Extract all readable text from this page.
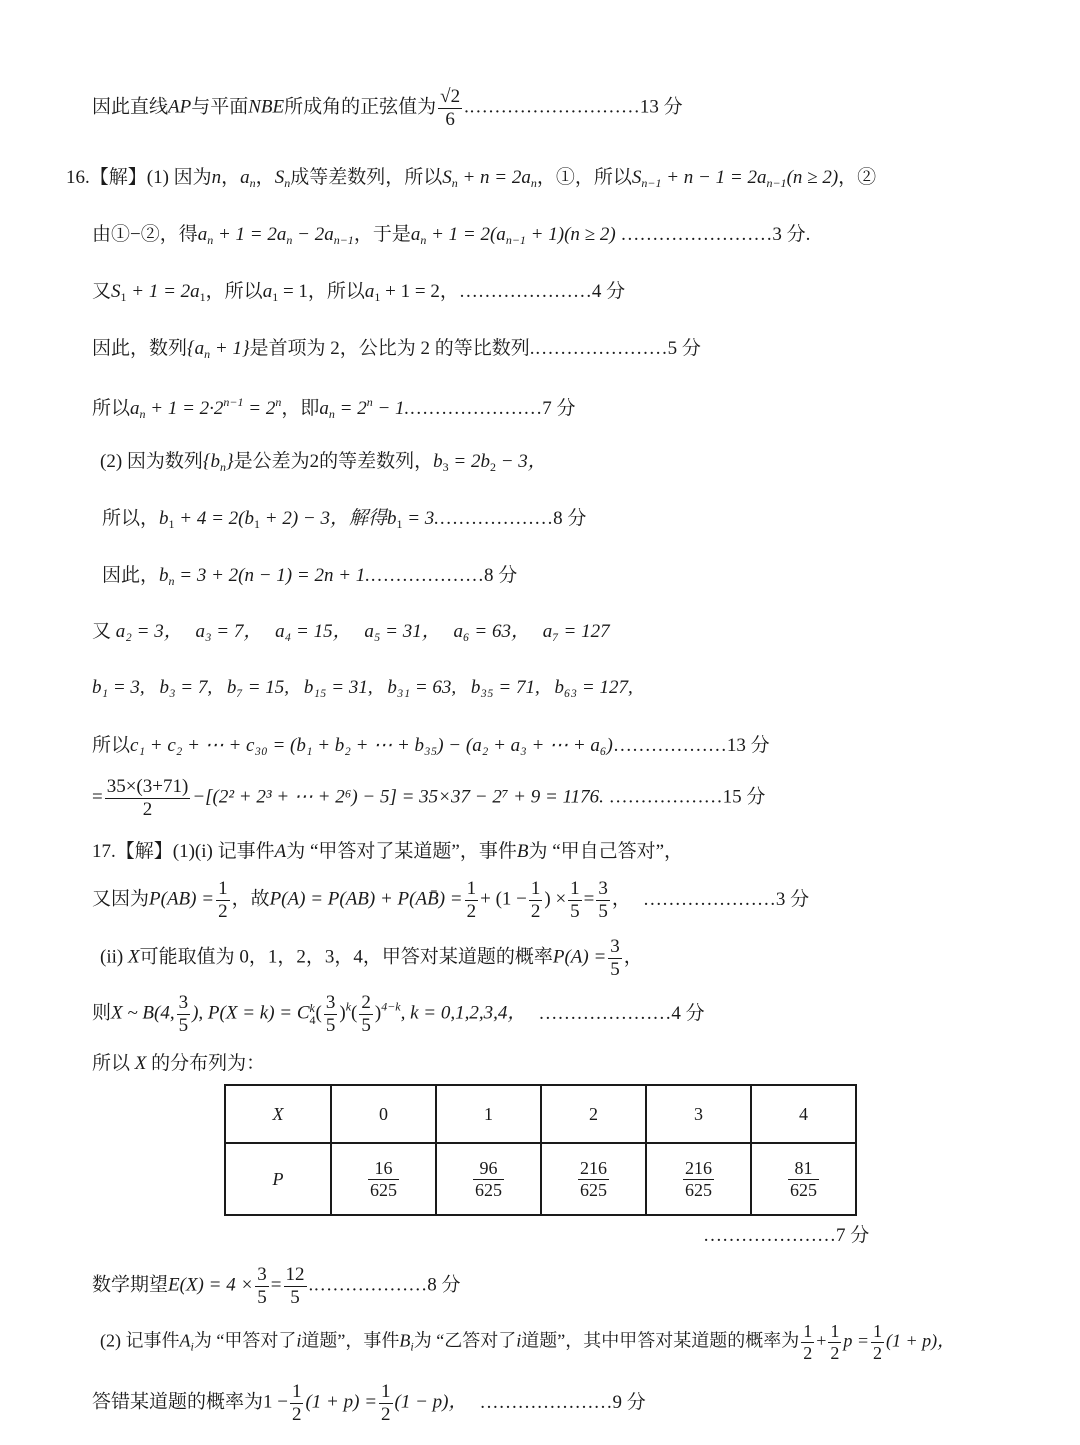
因此直线AP与平面NBE所成角的正弦值为 $\frac{√2}{6}$ .………………………13 分
16.【解】(1) 因为n，$a_n$，$S_n$成等差数列，所以$S_n + n = 2a_n$，①，所以$S_{n-1} + n - 1 = 2a_{n-1}(n \ge 2)$，②
由①−②，得$a_n + 1 = 2a_n - 2a_{n-1}$，于是$a_n + 1 = 2(a_{n-1} + 1)(n \ge 2)$ ……………………3 分.
又$S_1 + 1 = 2a_1$，所以$a_1 = 1$，所以$a_1 + 1 = 2$，…………………4 分
因此，数列$\{a_n + 1\}$是首项为 2，公比为 2 的等比数列.…………………5 分
所以$a_n + 1 = 2\cdot 2^{n-1} = 2^n$，即$a_n = 2^n$ − 1.…………………7 分
(2) 因为数列$\{b_n\}$是公差为2的等差数列，$b_3 = 2b_2 - 3$，
所以，$b_1 + 4 = 2(b_1 + 2) - 3$，解得$b_1$ = 3.………………8 分
因此，$b_n = 3 + 2(n - 1) = 2n$ + 1.………………8 分
又 a₂ = 3， a₃ = 7， a₄ = 15， a₅ = 31， a₆ = 63， a₇ = 127
b₁ = 3, b₃ = 7, b₇ = 15, b₁₅ = 31, b₃₁ = 63, b₃₅ = 71, b₆₃ = 127,
所以c₁ + c₂ + ⋯ + c₃₀ = (b₁ + b₂ + ⋯ + b₃₅) − (a₂ + a₃ + ⋯ + a₆)………………13 分
= $\frac{35\times(3+71)}{2} -[(2^2 + 2^3$ + ⋯ + 2⁶) − 5] = 35×37 − 2⁷ + 9 = 1176. ………………15 分
17.【解】(1)(i) 记事件A为 “甲答对了某道题”，事件B为 “甲自己答对”，
又因为$P(AB) = \frac{1}{2}$ ，故P(A) = P(AB) + P(AB̄) = $\frac{1}{2} + (1 - \frac{1}{2}$ ) × $\frac{1}{5} = \frac{3}{5}$ ， …………………3 分
(ii) X可能取值为 0，1，2，3，4，甲答对某道题的概率$P(A) = \frac{3}{5}$ ，
则X ~ B(4, $\frac{3}{5}$ ), P(X = k) = C k
4 ( $\frac{3}{5} )^k( \frac{2}{5} )^{4-k}$, k = 0,1,2,3,4， …………………4 分
所以 X 的分布列为：
X	0	1	2	3	4
P	$\frac{16}{625}$	$\frac{96}{625}$	$\frac{216}{625}$	$\frac{216}{625}$	$\frac{81}{625}$
…………………7 分
数学期望$E(X) = 4 \times \frac{3}{5} = \frac{12}{5}$ .………………8 分
(2) 记事件$A_i$为 “甲答对了i道题”，事件$B_i$为 “乙答对了i道题”，其中甲答对某道题的概率为 $\frac{1}{2} + \frac{1}{2}$ $p = \frac{1}{2} (1 + p)$，
答错某道题的概率为$1 - \frac{1}{2} (1 + p) = \frac{1}{2} (1 - p)$， …………………9 分
